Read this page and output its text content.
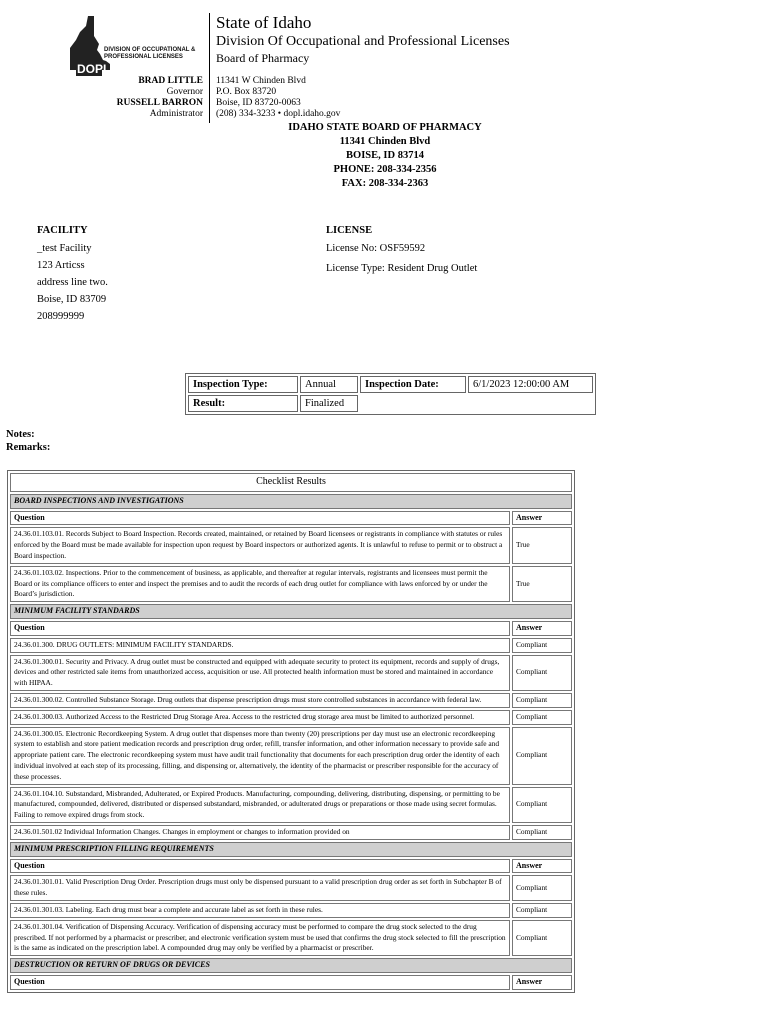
DIVISION OF OCCUPATIONAL &
PROFESSIONAL LICENSES
DOPL
State of Idaho
Division Of Occupational and Professional Licenses
Board of Pharmacy
BRAD LITTLE
Governor
RUSSELL BARRON
Administrator
11341 W Chinden Blvd
P.O. Box 83720
Boise, ID 83720-0063
(208) 334-3233 • dopl.idaho.gov
IDAHO STATE BOARD OF PHARMACY
11341 Chinden Blvd
BOISE, ID 83714
PHONE: 208-334-2356
FAX: 208-334-2363
FACILITY
_test Facility
123 Articss
address line two.
Boise, ID 83709
208999999
LICENSE
License No: OSF59592
License Type: Resident Drug Outlet
Inspection Type:	Annual	Inspection Date:	6/1/2023 12:00:00 AM
Result:	Finalized		
Notes:
Remarks:
Checklist Results	
BOARD INSPECTIONS AND INVESTIGATIONS	
Question	Answer
24.36.01.103.01. Records Subject to Board Inspection. Records created, maintained, or retained by Board licensees or registrants in compliance with statutes or rules enforced by the Board must be made available for inspection upon request by Board inspectors or authorized agents. It is unlawful to refuse to permit or to obstruct a Board inspection.	True
24.36.01.103.02. Inspections. Prior to the commencement of business, as applicable, and thereafter at regular intervals, registrants and licensees must permit the Board or its compliance officers to enter and inspect the premises and to audit the records of each drug outlet for compliance with laws enforced by or under the Board’s jurisdiction.	True
MINIMUM FACILITY STANDARDS	
Question	Answer
24.36.01.300. DRUG OUTLETS: MINIMUM FACILITY STANDARDS.	Compliant
24.36.01.300.01. Security and Privacy. A drug outlet must be constructed and equipped with adequate security to protect its equipment, records and supply of drugs, devices and other restricted sale items from unauthorized access, acquisition or use. All protected health information must be stored and maintained in accordance with HIPAA.	Compliant
24.36.01.300.02. Controlled Substance Storage. Drug outlets that dispense prescription drugs must store controlled substances in accordance with federal law.	Compliant
24.36.01.300.03. Authorized Access to the Restricted Drug Storage Area. Access to the restricted drug storage area must be limited to authorized personnel.	Compliant
24.36.01.300.05. Electronic Recordkeeping System. A drug outlet that dispenses more than twenty (20) prescriptions per day must use an electronic recordkeeping system to establish and store patient medication records and prescription drug order, refill, transfer information, and other information necessary to provide safe and appropriate patient care. The electronic recordkeeping system must have audit trail functionality that documents for each prescription drug order the identity of each individual involved at each step of its processing, filling, and dispensing or, alternatively, the identity of the pharmacist or prescriber responsible for the accuracy of these processes.	Compliant
24.36.01.104.10. Substandard, Misbranded, Adulterated, or Expired Products. Manufacturing, compounding, delivering, distributing, dispensing, or permitting to be manufactured, compounded, delivered, distributed or dispensed substandard, misbranded, or adulterated drugs or preparations or those made using secret formulas. Failing to remove expired drugs from stock.	Compliant
24.36.01.501.02 Individual Information Changes. Changes in employment or changes to information provided on	Compliant
MINIMUM PRESCRIPTION FILLING REQUIREMENTS	
Question	Answer
24.36.01.301.01. Valid Prescription Drug Order. Prescription drugs must only be dispensed pursuant to a valid prescription drug order as set forth in Subchapter B of these rules.	Compliant
24.36.01.301.03. Labeling. Each drug must bear a complete and accurate label as set forth in these rules.	Compliant
24.36.01.301.04. Verification of Dispensing Accuracy. Verification of dispensing accuracy must be performed to compare the drug stock selected to the drug prescribed. If not performed by a pharmacist or prescriber, and electronic verification system must be used that confirms the drug stock selected to fill the prescription is the same as indicated on the prescription label. A compounded drug may only be verified by a pharmacist or prescriber.	Compliant
DESTRUCTION OR RETURN OF DRUGS OR DEVICES	
Question	Answer
